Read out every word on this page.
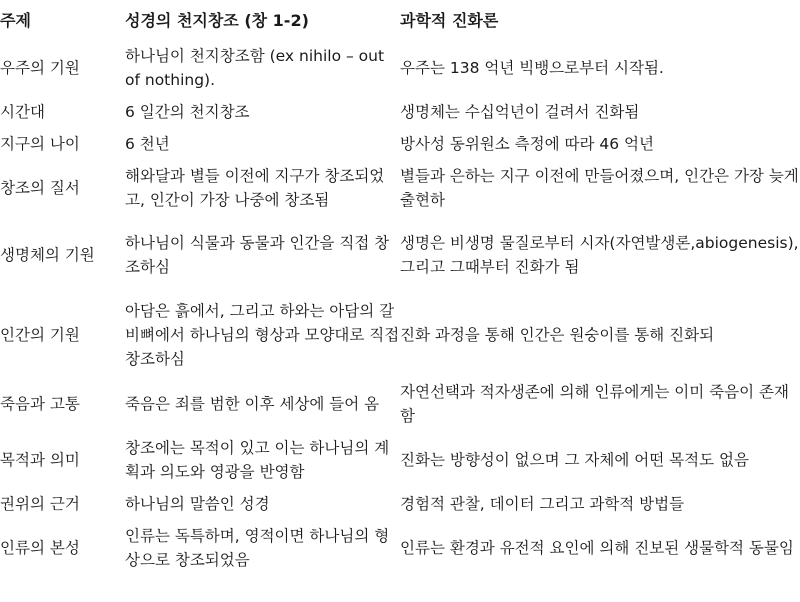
주제	성경의 천지창조 (창 1-2)	과학적 진화론
우주의 기원	하나님이 천지창조함 (ex nihilo – out of nothing).	우주는 138 억년 빅뱅으로부터 시작됨.
시간대	6 일간의 천지창조	생명체는 수십억년이 걸려서 진화됨
지구의 나이	6 천년	방사성 동위원소 측정에 따라 46 억년
창조의 질서	해와달과 별들 이전에 지구가 창조되었고, 인간이 가장 나중에 창조됨	별들과 은하는 지구 이전에 만들어졌으며, 인간은 가장 늦게 출현하
생명체의 기원	하나님이 식물과 동물과 인간을 직접 창조하심	생명은 비생명 물질로부터 시자(자연발생론,abiogenesis), 그리고 그때부터 진화가 됨
인간의 기원	아담은 흙에서, 그리고 하와는 아담의 갈비뼈에서 하나님의 형상과 모양대로 직접 창조하심	진화 과정을 통해 인간은 원숭이를 통해 진화되
죽음과 고통	죽음은 죄를 범한 이후 세상에 들어 옴	자연선택과 적자생존에 의해 인류에게는 이미 죽음이 존재함
목적과 의미	창조에는 목적이 있고 이는 하나님의 계획과 의도와 영광을 반영함	진화는 방향성이 없으며 그 자체에 어떤 목적도 없음
권위의 근거	하나님의 말씀인 성경	경험적 관찰, 데이터 그리고 과학적 방법들
인류의 본성	인류는 독특하며, 영적이면 하나님의 형상으로 창조되었음	인류는 환경과 유전적 요인에 의해 진보된 생물학적 동물임
